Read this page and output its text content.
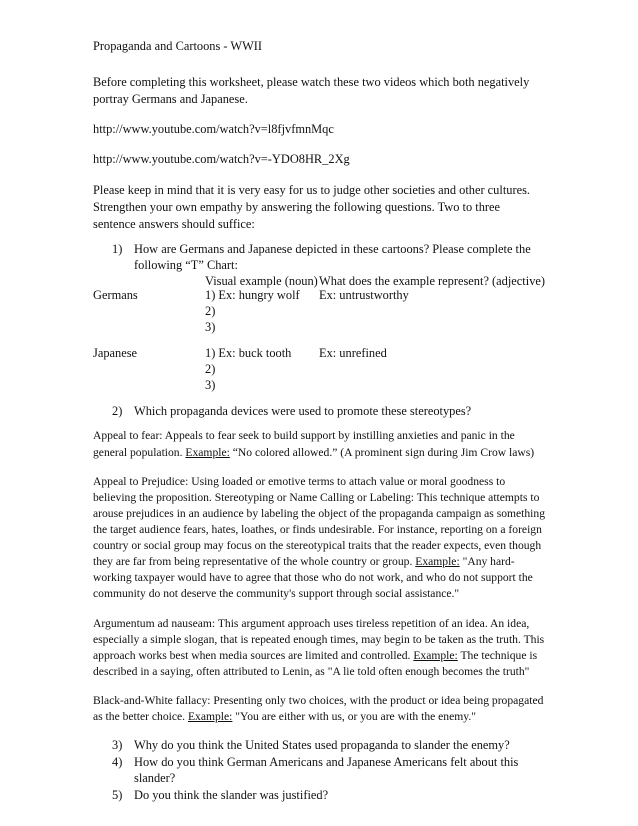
Propaganda and Cartoons - WWII
Before completing this worksheet, please watch these two videos which both negatively
portray Germans and Japanese.
http://www.youtube.com/watch?v=l8fjvfmnMqc
http://www.youtube.com/watch?v=-YDO8HR_2Xg
Please keep in mind that it is very easy for us to judge other societies and other cultures.
Strengthen your own empathy by answering the following questions. Two to three
sentence answers should suffice:
1) How are Germans and Japanese depicted in these cartoons? Please complete the
following “T” Chart:
Visual example (noun) What does the example represent? (adjective)
Germans	1) Ex: hungry wolf
2)
3)
Ex: untrustworthy
Japanese	1) Ex: buck tooth
2)
3)
Ex: unrefined
2) Which propaganda devices were used to promote these stereotypes?
Appeal to fear: Appeals to fear seek to build support by instilling anxieties and panic in the
general population. Example: “No colored allowed.” (A prominent sign during Jim Crow laws)
Appeal to Prejudice: Using loaded or emotive terms to attach value or moral goodness to
believing the proposition. Stereotyping or Name Calling or Labeling: This technique attempts to
arouse prejudices in an audience by labeling the object of the propaganda campaign as something
the target audience fears, hates, loathes, or finds undesirable. For instance, reporting on a foreign
country or social group may focus on the stereotypical traits that the reader expects, even though
they are far from being representative of the whole country or group. Example: "Any hard-
working taxpayer would have to agree that those who do not work, and who do not support the
community do not deserve the community's support through social assistance."
Argumentum ad nauseam: This argument approach uses tireless repetition of an idea. An idea,
especially a simple slogan, that is repeated enough times, may begin to be taken as the truth. This
approach works best when media sources are limited and controlled. Example: The technique is
described in a saying, often attributed to Lenin, as "A lie told often enough becomes the truth"
Black-and-White fallacy: Presenting only two choices, with the product or idea being propagated
as the better choice. Example: "You are either with us, or you are with the enemy."
3) Why do you think the United States used propaganda to slander the enemy?
4) How do you think German Americans and Japanese Americans felt about this
slander?
5) Do you think the slander was justified?
